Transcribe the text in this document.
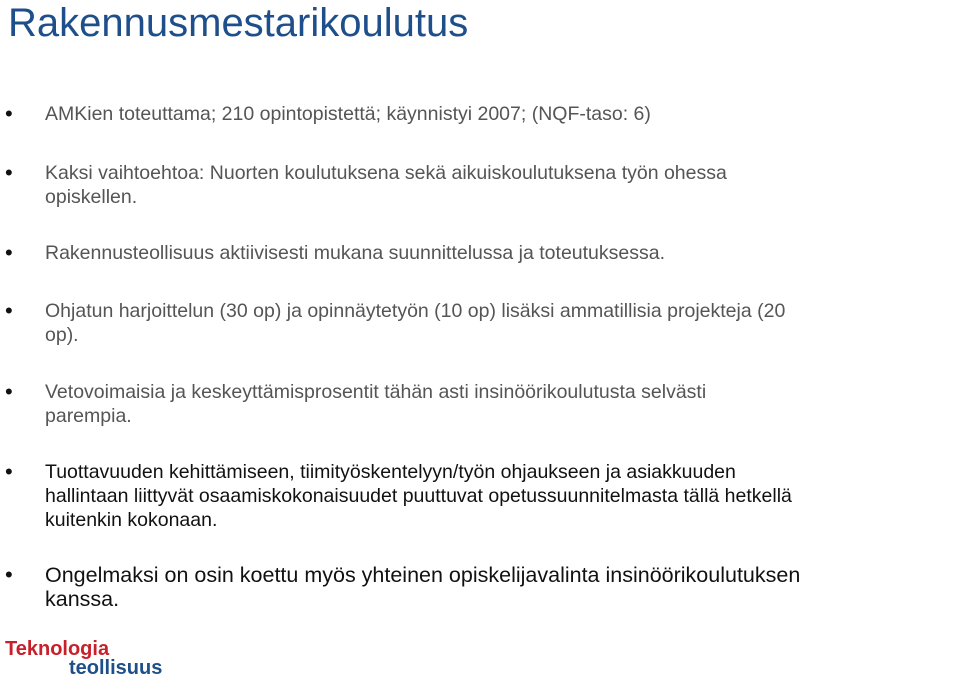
Rakennusmestarikoulutus
• AMKien toteuttama; 210 opintopistettä; käynnistyi 2007; (NQF-taso: 6)
• Kaksi vaihtoehtoa: Nuorten koulutuksena sekä aikuiskoulutuksena työn ohessa
opiskellen.
• Rakennusteollisuus aktiivisesti mukana suunnittelussa ja toteutuksessa.
• Ohjatun harjoittelun (30 op) ja opinnäytetyön (10 op) lisäksi ammatillisia projekteja (20
op).
• Vetovoimaisia ja keskeyttämisprosentit tähän asti insinöörikoulutusta selvästi
parempia.
• Tuottavuuden kehittämiseen, tiimityöskentelyyn/työn ohjaukseen ja asiakkuuden
hallintaan liittyvät osaamiskokonaisuudet puuttuvat opetussuunnitelmasta tällä hetkellä
kuitenkin kokonaan.
• Ongelmaksi on osin koettu myös yhteinen opiskelijavalinta insinöörikoulutuksen
kanssa.
Teknologia
teollisuus
